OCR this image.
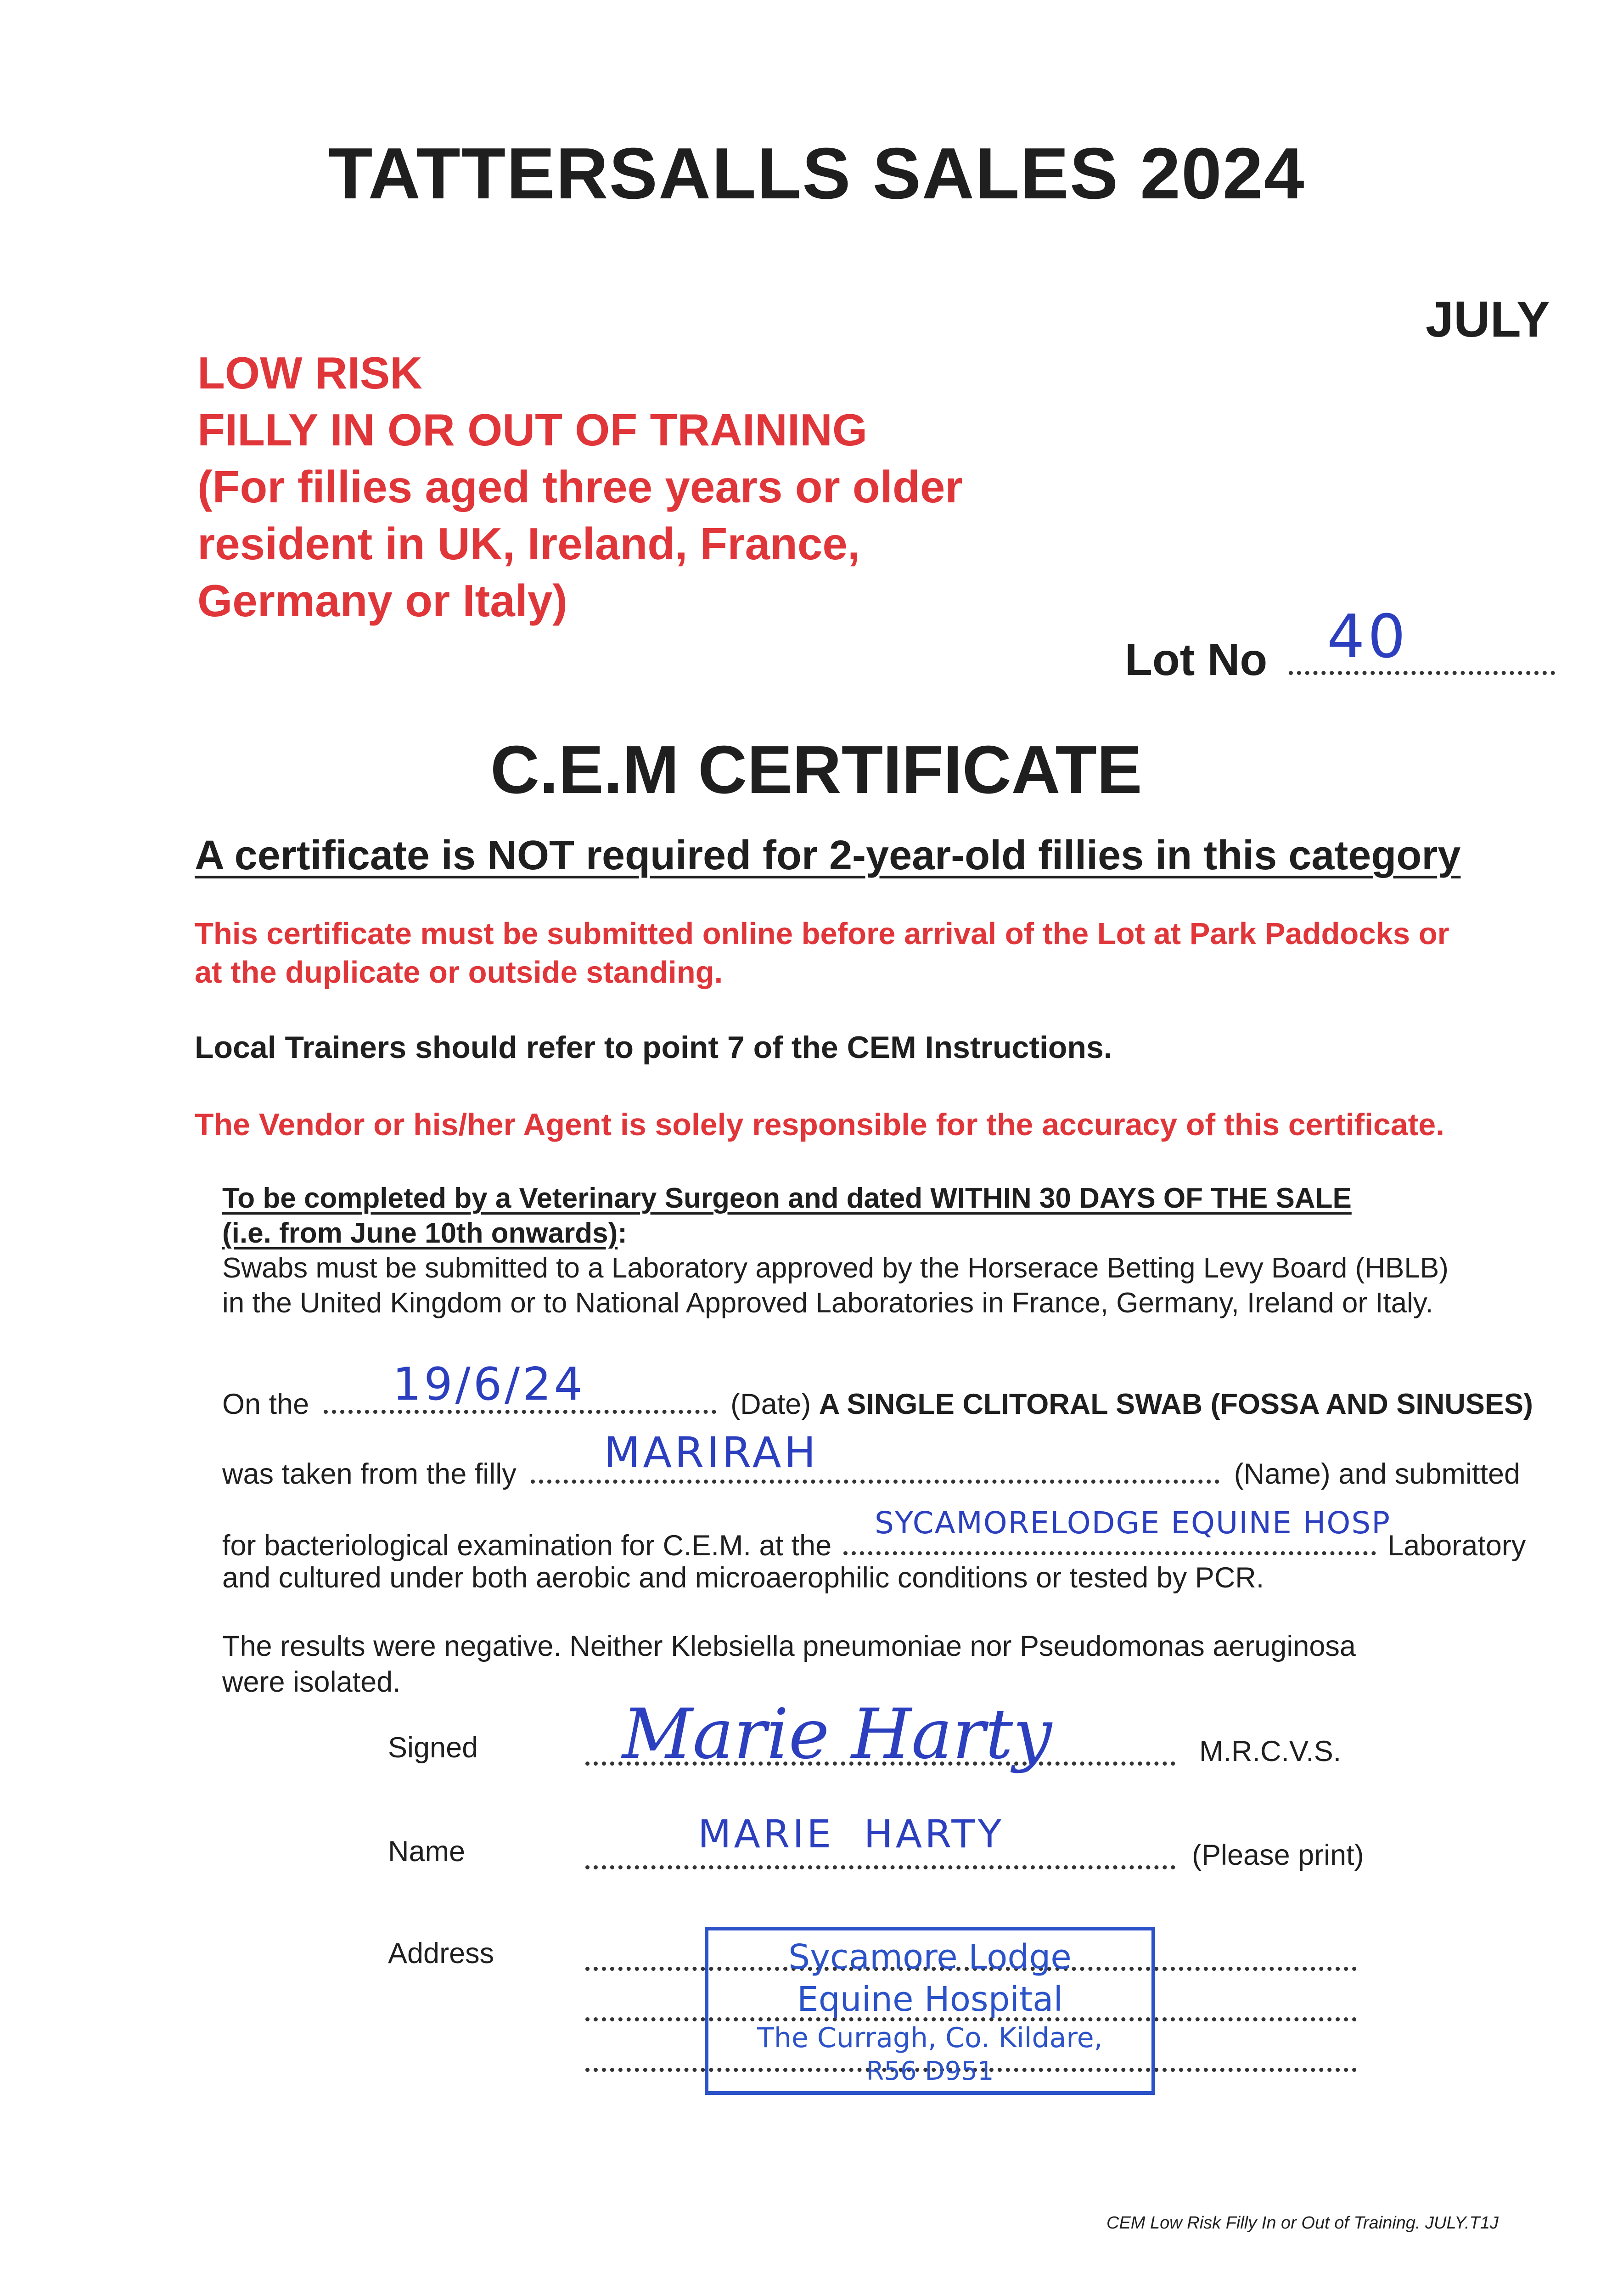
TATTERSALLS SALES 2024
JULY
LOW RISK
FILLY IN OR OUT OF TRAINING
(For fillies aged three years or older
resident in UK, Ireland, France,
Germany or Italy)
Lot No 40
C.E.M CERTIFICATE
A certificate is NOT required for 2-year-old fillies in this category
This certificate must be submitted online before arrival of the Lot at Park Paddocks or
at the duplicate or outside standing.
Local Trainers should refer to point 7 of the CEM Instructions.
The Vendor or his/her Agent is solely responsible for the accuracy of this certificate.
To be completed by a Veterinary Surgeon and dated WITHIN 30 DAYS OF THE SALE
(i.e. from June 10th onwards):
Swabs must be submitted to a Laboratory approved by the Horserace Betting Levy Board (HBLB)
in the United Kingdom or to National Approved Laboratories in France, Germany, Ireland or Italy.
On the	(Date) A SINGLE CLITORAL SWAB (FOSSA AND SINUSES)
19/6/24
was taken from the filly	(Name) and submitted
MARIRAH
for bacteriological examination for C.E.M. at the	Laboratory
SYCAMORELODGE EQUINE HOSP
and cultured under both aerobic and microaerophilic conditions or tested by PCR.
The results were negative. Neither Klebsiella pneumoniae nor Pseudomonas aeruginosa
were isolated.
Signed	M.R.C.V.S.
Marie Harty
Name	(Please print)
MARIE  HARTY
Address	Sycamore Lodge
Equine Hospital
The Curragh, Co. Kildare,
R56 D951
CEM Low Risk Filly In or Out of Training. JULY.T1J
